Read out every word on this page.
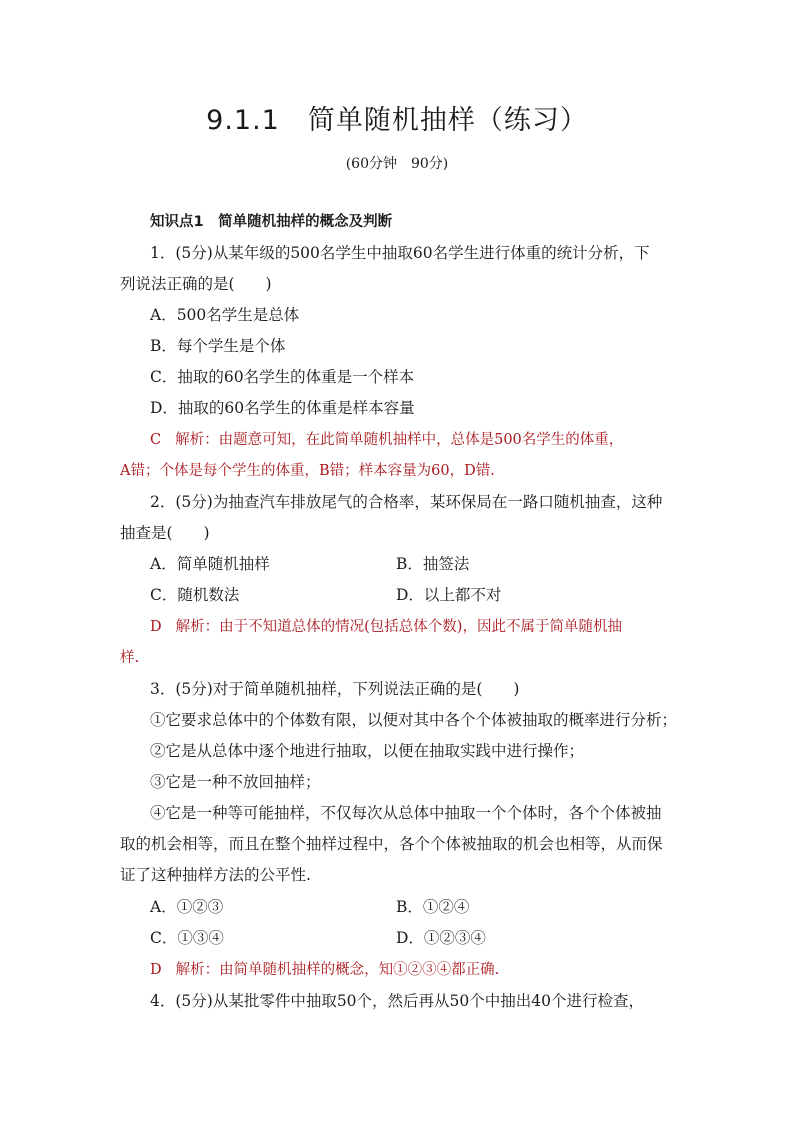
9.1.1　简单随机抽样（练习）
(60分钟　90分)
知识点1　简单随机抽样的概念及判断
1．(5分)从某年级的500名学生中抽取60名学生进行体重的统计分析，下
列说法正确的是(　　)
A．500名学生是总体
B．每个学生是个体
C．抽取的60名学生的体重是一个样本
D．抽取的60名学生的体重是样本容量
C 解析：由题意可知，在此简单随机抽样中，总体是500名学生的体重，
A错；个体是每个学生的体重，B错；样本容量为60，D错.
2．(5分)为抽查汽车排放尾气的合格率，某环保局在一路口随机抽查，这种
抽查是(　　)
A．简单随机抽样	B．抽签法
C．随机数法	D．以上都不对
D 解析：由于不知道总体的情况(包括总体个数)，因此不属于简单随机抽
样.
3．(5分)对于简单随机抽样，下列说法正确的是(　　)
①它要求总体中的个体数有限，以便对其中各个个体被抽取的概率进行分析；
②它是从总体中逐个地进行抽取，以便在抽取实践中进行操作；
③它是一种不放回抽样；
④它是一种等可能抽样，不仅每次从总体中抽取一个个体时，各个个体被抽
取的机会相等，而且在整个抽样过程中，各个个体被抽取的机会也相等，从而保
证了这种抽样方法的公平性.
A．①②③	B．①②④
C．①③④	D．①②③④
D 解析：由简单随机抽样的概念，知①②③④都正确.
4．(5分)从某批零件中抽取50个，然后再从50个中抽出40个进行检查，
